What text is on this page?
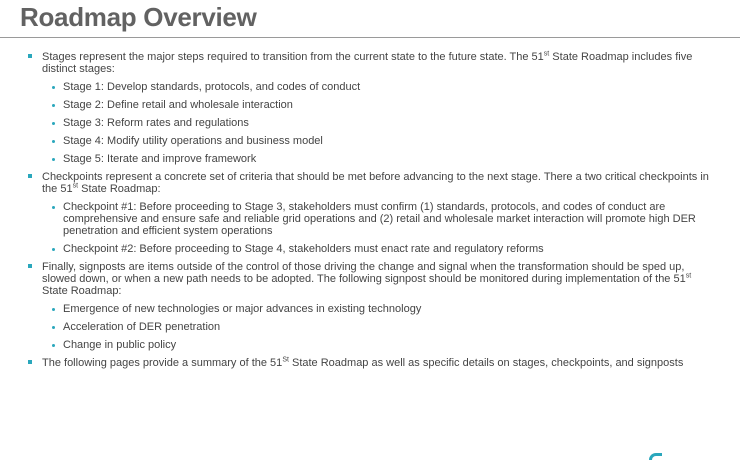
Roadmap Overview
Stages represent the major steps required to transition from the current state to the future state. The 51st State Roadmap includes five distinct stages:
Stage 1: Develop standards, protocols, and codes of conduct
Stage 2: Define retail and wholesale interaction
Stage 3: Reform rates and regulations
Stage 4: Modify utility operations and business model
Stage 5: Iterate and improve framework
Checkpoints represent a concrete set of criteria that should be met before advancing to the next stage. There a two critical checkpoints in the 51st State Roadmap:
Checkpoint #1: Before proceeding to Stage 3, stakeholders must confirm (1) standards, protocols, and codes of conduct are comprehensive and ensure safe and reliable grid operations and (2) retail and wholesale market interaction will promote high DER penetration and efficient system operations
Checkpoint #2: Before proceeding to Stage 4, stakeholders must enact rate and regulatory reforms
Finally, signposts are items outside of the control of those driving the change and signal when the transformation should be sped up, slowed down, or when a new path needs to be adopted. The following signpost should be monitored during implementation of the 51st State Roadmap:
Emergence of new technologies or major advances in existing technology
Acceleration of DER penetration
Change in public policy
The following pages provide a summary of the 51St State Roadmap as well as specific details on stages, checkpoints, and signposts
